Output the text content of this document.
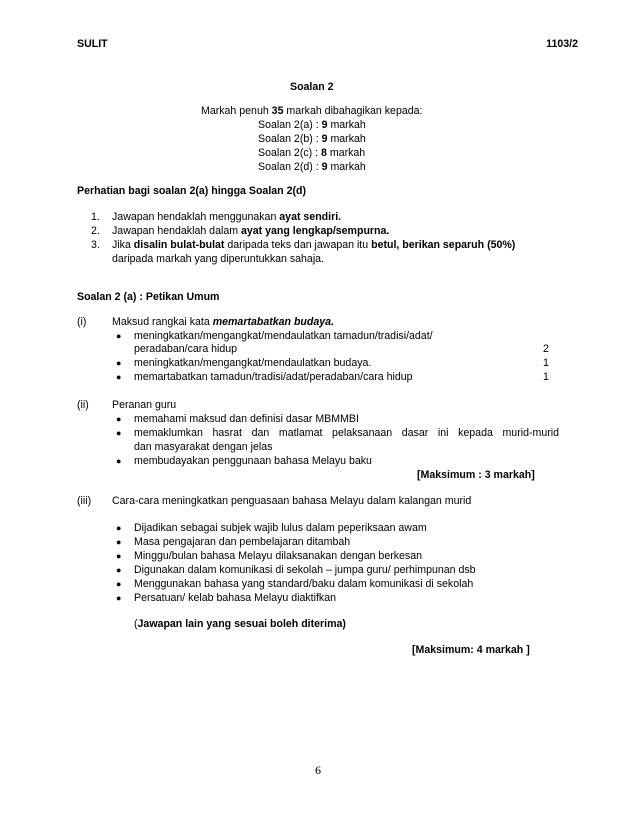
SULIT	1103/2
Soalan 2
Markah penuh 35 markah dibahagikan kepada:
Soalan 2(a) : 9 markah
Soalan 2(b) : 9 markah
Soalan 2(c) : 8 markah
Soalan 2(d) : 9 markah
Perhatian bagi soalan 2(a) hingga Soalan 2(d)
1. Jawapan hendaklah menggunakan ayat sendiri.
2. Jawapan hendaklah dalam ayat yang lengkap/sempurna.
3. Jika disalin bulat-bulat daripada teks dan jawapan itu betul, berikan separuh (50%)
daripada markah yang diperuntukkan sahaja.
Soalan 2 (a) : Petikan Umum
(i) Maksud rangkai kata memartabatkan budaya.
● meningkatkan/mengangkat/mendaulatkan tamadun/tradisi/adat/
peradaban/cara hidup	2
● meningkatkan/mengangkat/mendaulatkan budaya.	1
● memartabatkan tamadun/tradisi/adat/peradaban/cara hidup	1
(ii) Peranan guru
● memahami maksud dan definisi dasar MBMMBI
● memaklumkan hasrat dan matlamat pelaksanaan dasar ini kepada murid-murid
dan masyarakat dengan jelas
● membudayakan penggunaan bahasa Melayu baku
[Maksimum : 3 markah]
(iii) Cara-cara meningkatkan penguasaan bahasa Melayu dalam kalangan murid
● Dijadikan sebagai subjek wajib lulus dalam peperiksaan awam
● Masa pengajaran dan pembelajaran ditambah
● Minggu/bulan bahasa Melayu dilaksanakan dengan berkesan
● Digunakan dalam komunikasi di sekolah – jumpa guru/ perhimpunan dsb
● Menggunakan bahasa yang standard/baku dalam komunikasi di sekolah
● Persatuan/ kelab bahasa Melayu diaktifkan
(Jawapan lain yang sesuai boleh diterima)
[Maksimum: 4 markah ]
6
